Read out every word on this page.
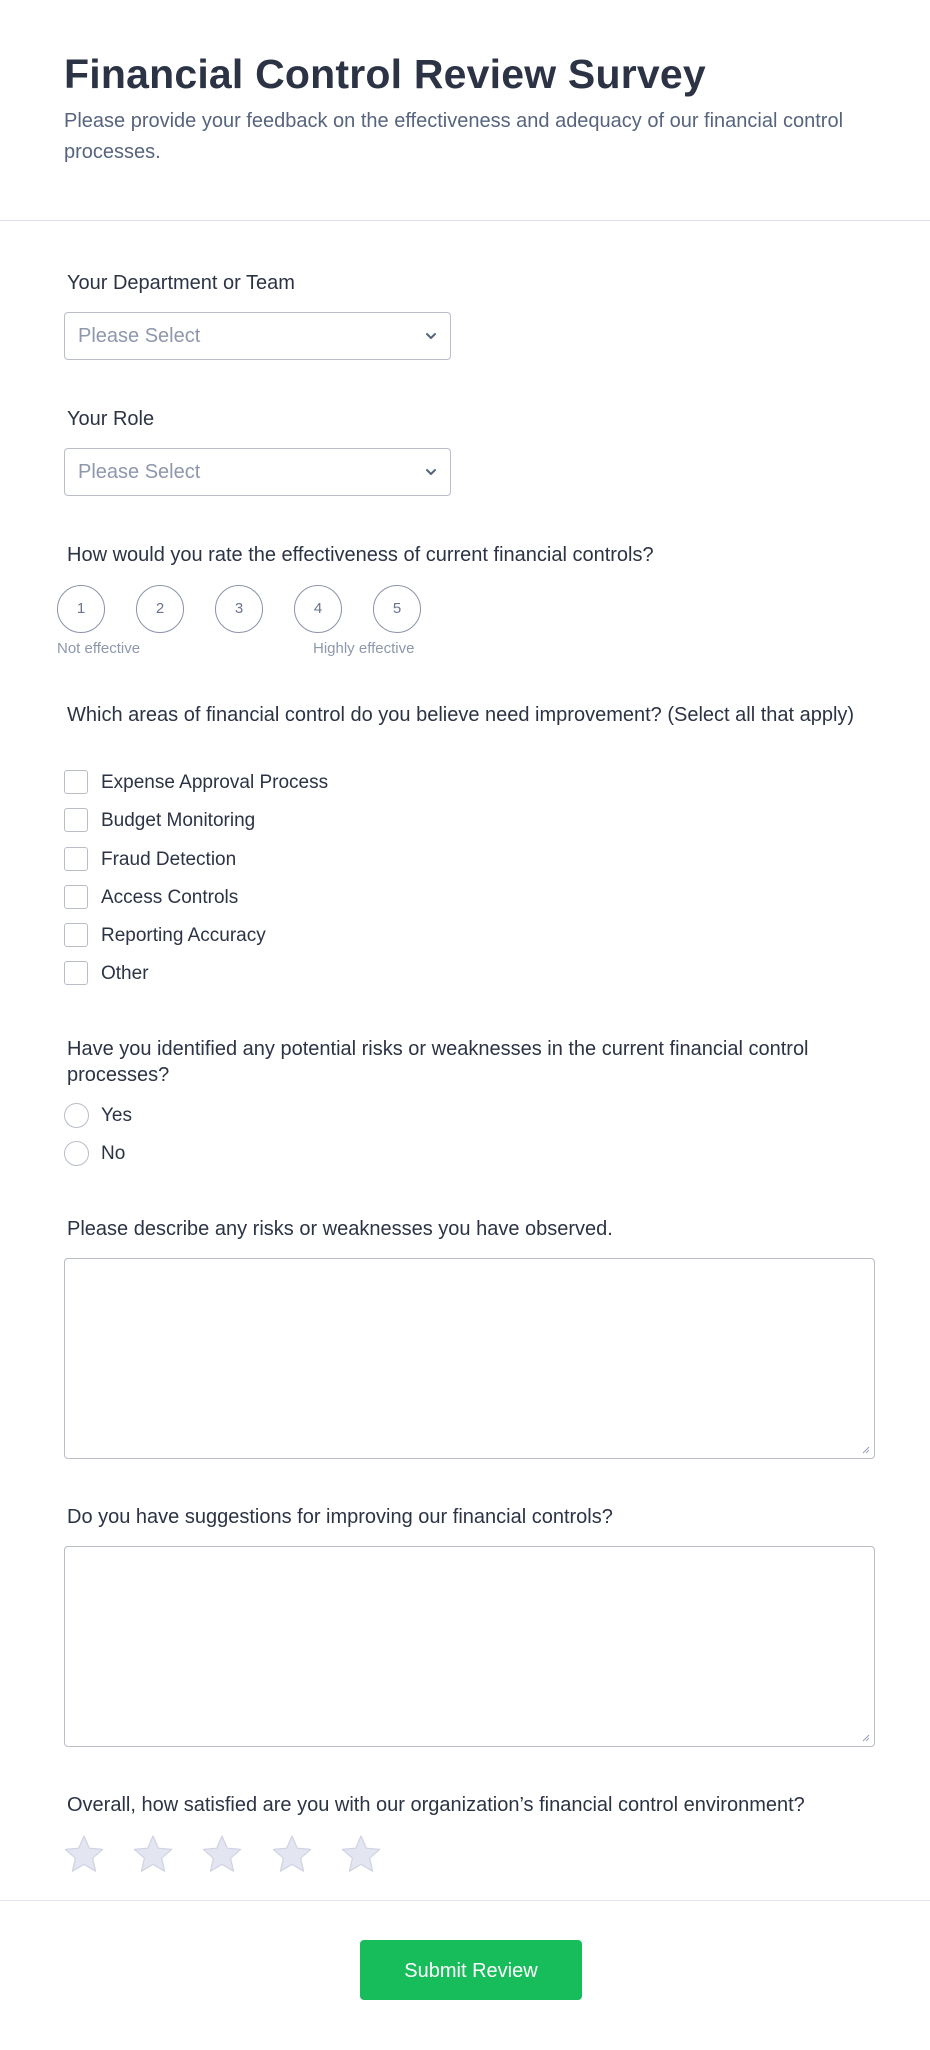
Financial Control Review Survey

Please provide your feedback on the effectiveness and adequacy of our financial control processes.

Your Department or Team
Please Select
Your Role
Please Select
How would you rate the effectiveness of current financial controls?
1	2	3	4	5
Not effective	Highly effective
Which areas of financial control do you believe need improvement? (Select all that apply)
Expense Approval Process
Budget Monitoring
Fraud Detection
Access Controls
Reporting Accuracy
Other
Have you identified any potential risks or weaknesses in the current financial control processes?
Yes
No
Please describe any risks or weaknesses you have observed.
Do you have suggestions for improving our financial controls?
Overall, how satisfied are you with our organization’s financial control environment?
Submit Review
